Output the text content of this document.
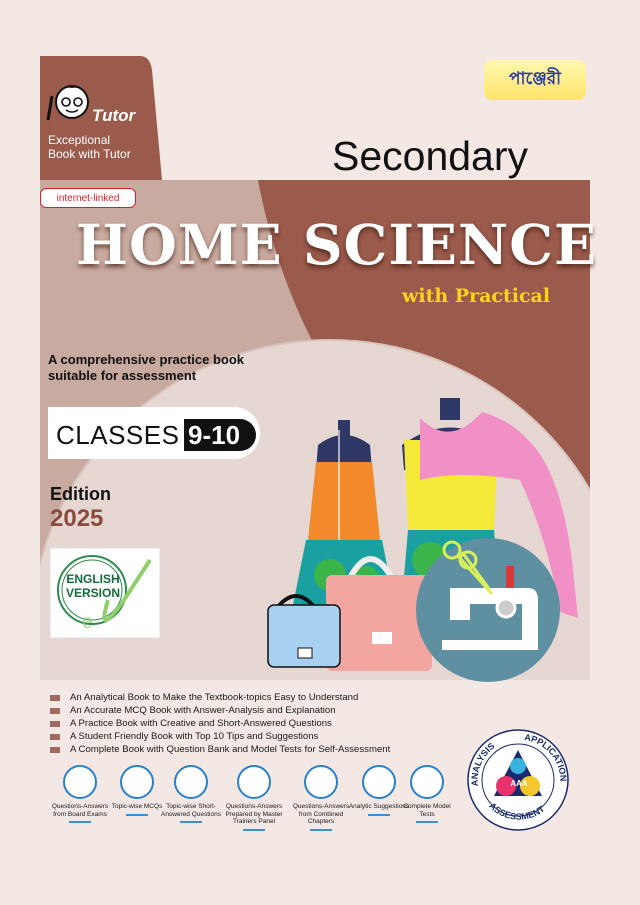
e
Tutor
Exceptional
Book with Tutor
পাঞ্জেরী
internet-linked
Secondary
HOME SCIENCE
with Practical
A comprehensive practice book suitable for assessment
CLASSES 9-10
Edition
2025
ENGLISH
VERSION
An Analytical Book to Make the Textbook-topics Easy to Understand
An Accurate MCQ Book with Answer-Analysis and Explanation
A Practice Book with Creative and Short-Answered Questions
A Student Friendly Book with Top 10 Tips and Suggestions
A Complete Book with Question Bank and Model Tests for Self-Assessment
Questions-Answers from Board Exams
Topic-wise MCQs Topic-wise Short-Answered Questions
Questions-Answers Prepared by Master Trainers Panel
Questions-Answers from Combined Chapters
Analytic Suggestions
Complete Model Tests
ANALYSIS
APPLICATION
ASSESSMENT
AAA
